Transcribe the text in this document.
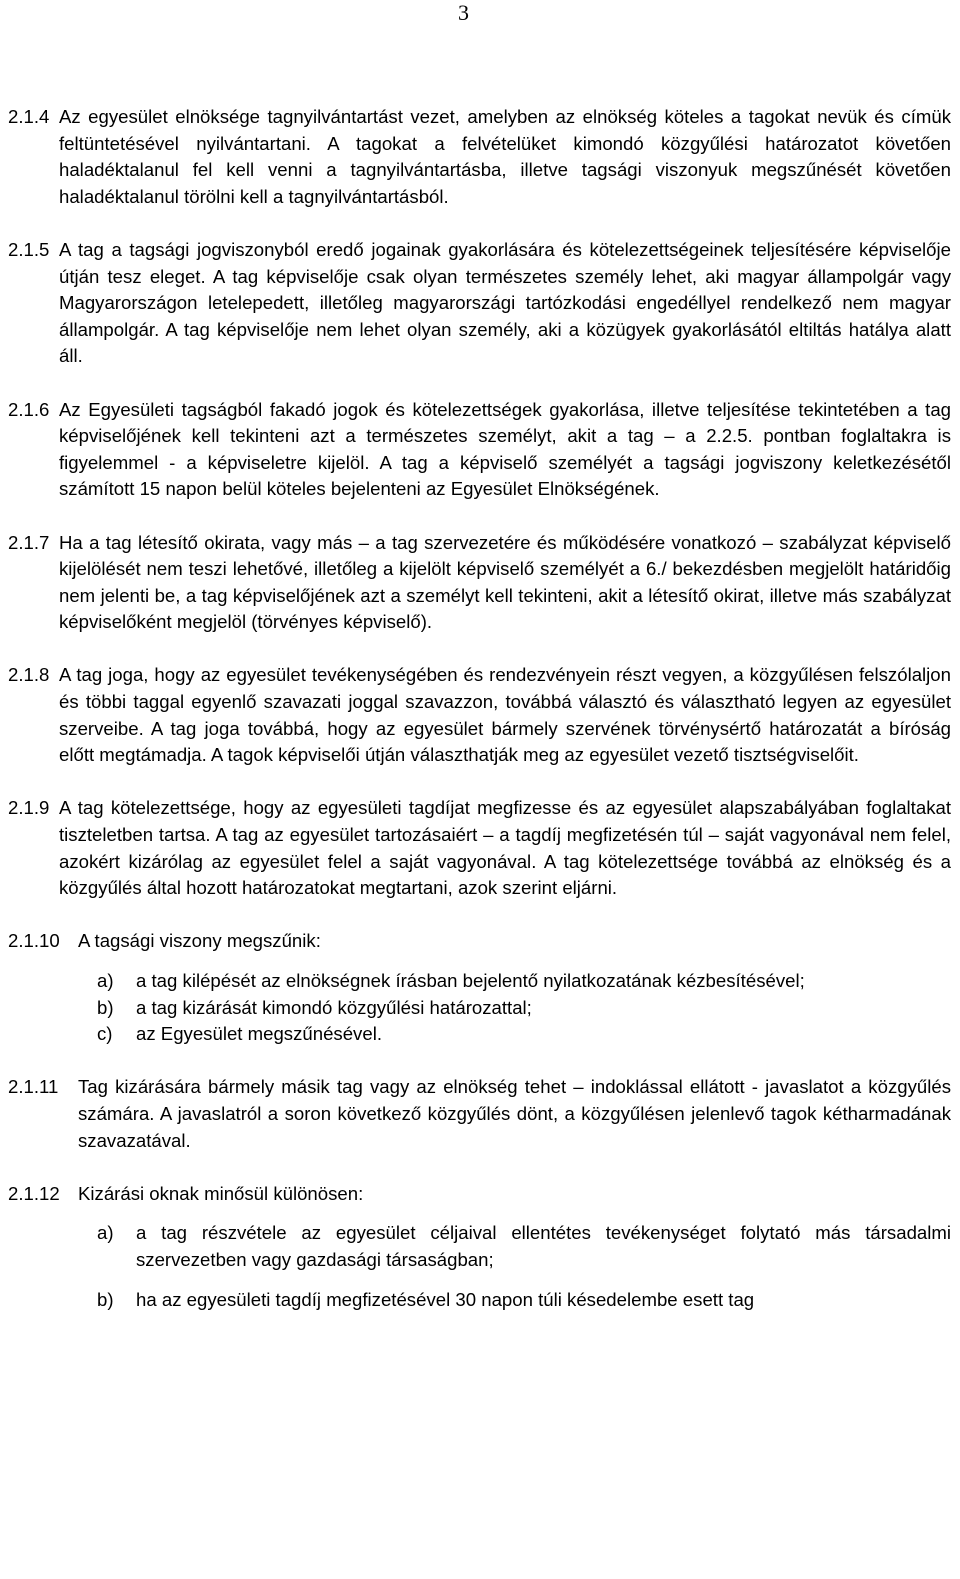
3
2.1.4 Az egyesület elnöksége tagnyilvántartást vezet, amelyben az elnökség köteles a tagokat nevük és címük feltüntetésével nyilvántartani. A tagokat a felvételüket kimondó közgyűlési határozatot követően haladéktalanul fel kell venni a tagnyilvántartásba, illetve tagsági viszonyuk megszűnését követően haladéktalanul törölni kell a tagnyilvántartásból.
2.1.5 A tag a tagsági jogviszonyból eredő jogainak gyakorlására és kötelezettségeinek teljesítésére képviselője útján tesz eleget. A tag képviselője csak olyan természetes személy lehet, aki magyar állampolgár vagy Magyarországon letelepedett, illetőleg magyarországi tartózkodási engedéllyel rendelkező nem magyar állampolgár. A tag képviselője nem lehet olyan személy, aki a közügyek gyakorlásától eltiltás hatálya alatt áll.
2.1.6 Az Egyesületi tagságból fakadó jogok és kötelezettségek gyakorlása, illetve teljesítése tekintetében a tag képviselőjének kell tekinteni azt a természetes személyt, akit a tag – a 2.2.5. pontban foglaltakra is figyelemmel - a képviseletre kijelöl. A tag a képviselő személyét a tagsági jogviszony keletkezésétől számított 15 napon belül köteles bejelenteni az Egyesület Elnökségének.
2.1.7 Ha a tag létesítő okirata, vagy más – a tag szervezetére és működésére vonatkozó – szabályzat képviselő kijelölését nem teszi lehetővé, illetőleg a kijelölt képviselő személyét a 6./ bekezdésben megjelölt határidőig nem jelenti be, a tag képviselőjének azt a személyt kell tekinteni, akit a létesítő okirat, illetve más szabályzat képviselőként megjelöl (törvényes képviselő).
2.1.8 A tag joga, hogy az egyesület tevékenységében és rendezvényein részt vegyen, a közgyűlésen felszólaljon és többi taggal egyenlő szavazati joggal szavazzon, továbbá választó és választható legyen az egyesület szerveibe. A tag joga továbbá, hogy az egyesület bármely szervének törvénysértő határozatát a bíróság előtt megtámadja. A tagok képviselői útján választhatják meg az egyesület vezető tisztségviselőit.
2.1.9 A tag kötelezettsége, hogy az egyesületi tagdíjat megfizesse és az egyesület alapszabályában foglaltakat tiszteletben tartsa. A tag az egyesület tartozásaiért – a tagdíj megfizetésén túl – saját vagyonával nem felel, azokért kizárólag az egyesület felel a saját vagyonával. A tag kötelezettsége továbbá az elnökség és a közgyűlés által hozott határozatokat megtartani, azok szerint eljárni.
2.1.10 A tagsági viszony megszűnik:
a) a tag kilépését az elnökségnek írásban bejelentő nyilatkozatának kézbesítésével;
b) a tag kizárását kimondó közgyűlési határozattal;
c) az Egyesület megszűnésével.
2.1.11 Tag kizárására bármely másik tag vagy az elnökség tehet – indoklással ellátott - javaslatot a közgyűlés számára. A javaslatról a soron következő közgyűlés dönt, a közgyűlésen jelenlevő tagok kétharmadának szavazatával.
2.1.12 Kizárási oknak minősül különösen:
a) a tag részvétele az egyesület céljaival ellentétes tevékenységet folytató más társadalmi szervezetben vagy gazdasági társaságban;
b) ha az egyesületi tagdíj megfizetésével 30 napon túli késedelembe esett tag
